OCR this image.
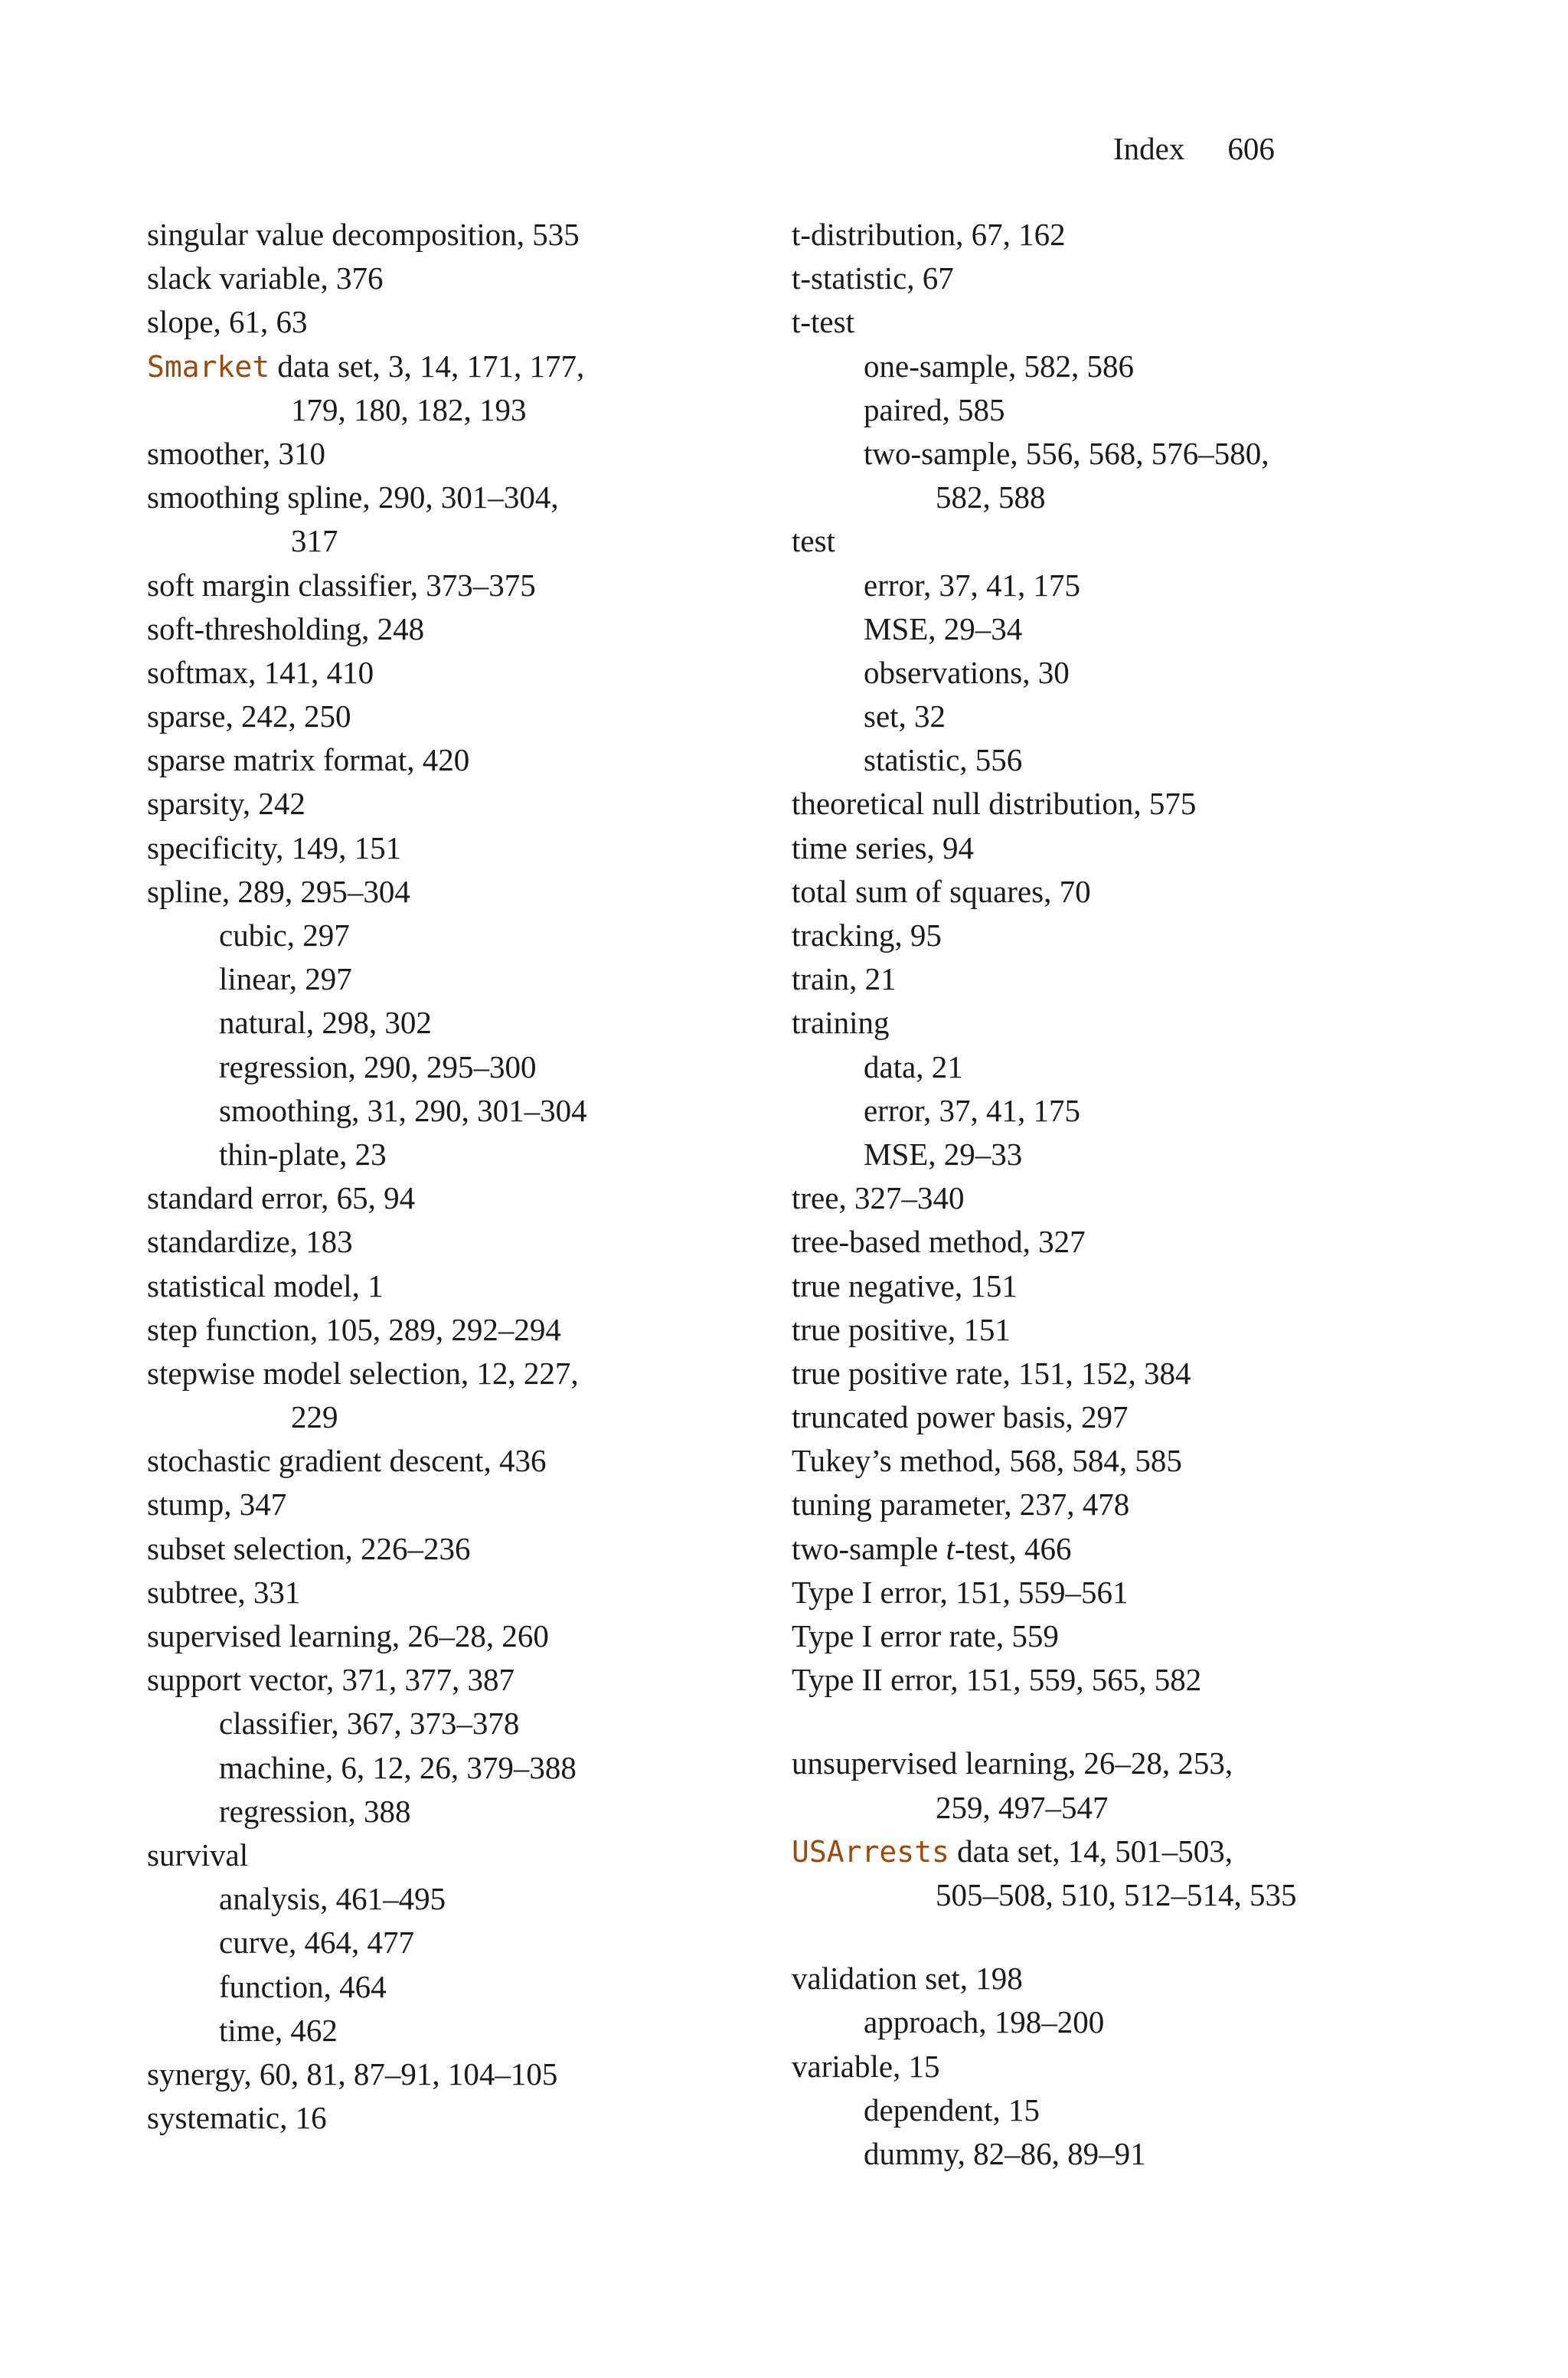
Index 606
singular value decomposition, 535
slack variable, 376
slope, 61, 63
Smarket data set, 3, 14, 171, 177,
179, 180, 182, 193
smoother, 310
smoothing spline, 290, 301–304,
317
soft margin classifier, 373–375
soft-thresholding, 248
softmax, 141, 410
sparse, 242, 250
sparse matrix format, 420
sparsity, 242
specificity, 149, 151
spline, 289, 295–304
cubic, 297
linear, 297
natural, 298, 302
regression, 290, 295–300
smoothing, 31, 290, 301–304
thin-plate, 23
standard error, 65, 94
standardize, 183
statistical model, 1
step function, 105, 289, 292–294
stepwise model selection, 12, 227,
229
stochastic gradient descent, 436
stump, 347
subset selection, 226–236
subtree, 331
supervised learning, 26–28, 260
support vector, 371, 377, 387
classifier, 367, 373–378
machine, 6, 12, 26, 379–388
regression, 388
survival
analysis, 461–495
curve, 464, 477
function, 464
time, 462
synergy, 60, 81, 87–91, 104–105
systematic, 16
t-distribution, 67, 162
t-statistic, 67
t-test
one-sample, 582, 586
paired, 585
two-sample, 556, 568, 576–580,
582, 588
test
error, 37, 41, 175
MSE, 29–34
observations, 30
set, 32
statistic, 556
theoretical null distribution, 575
time series, 94
total sum of squares, 70
tracking, 95
train, 21
training
data, 21
error, 37, 41, 175
MSE, 29–33
tree, 327–340
tree-based method, 327
true negative, 151
true positive, 151
true positive rate, 151, 152, 384
truncated power basis, 297
Tukey’s method, 568, 584, 585
tuning parameter, 237, 478
two-sample t-test, 466
Type I error, 151, 559–561
Type I error rate, 559
Type II error, 151, 559, 565, 582
unsupervised learning, 26–28, 253,
259, 497–547
USArrests data set, 14, 501–503,
505–508, 510, 512–514, 535
validation set, 198
approach, 198–200
variable, 15
dependent, 15
dummy, 82–86, 89–91
